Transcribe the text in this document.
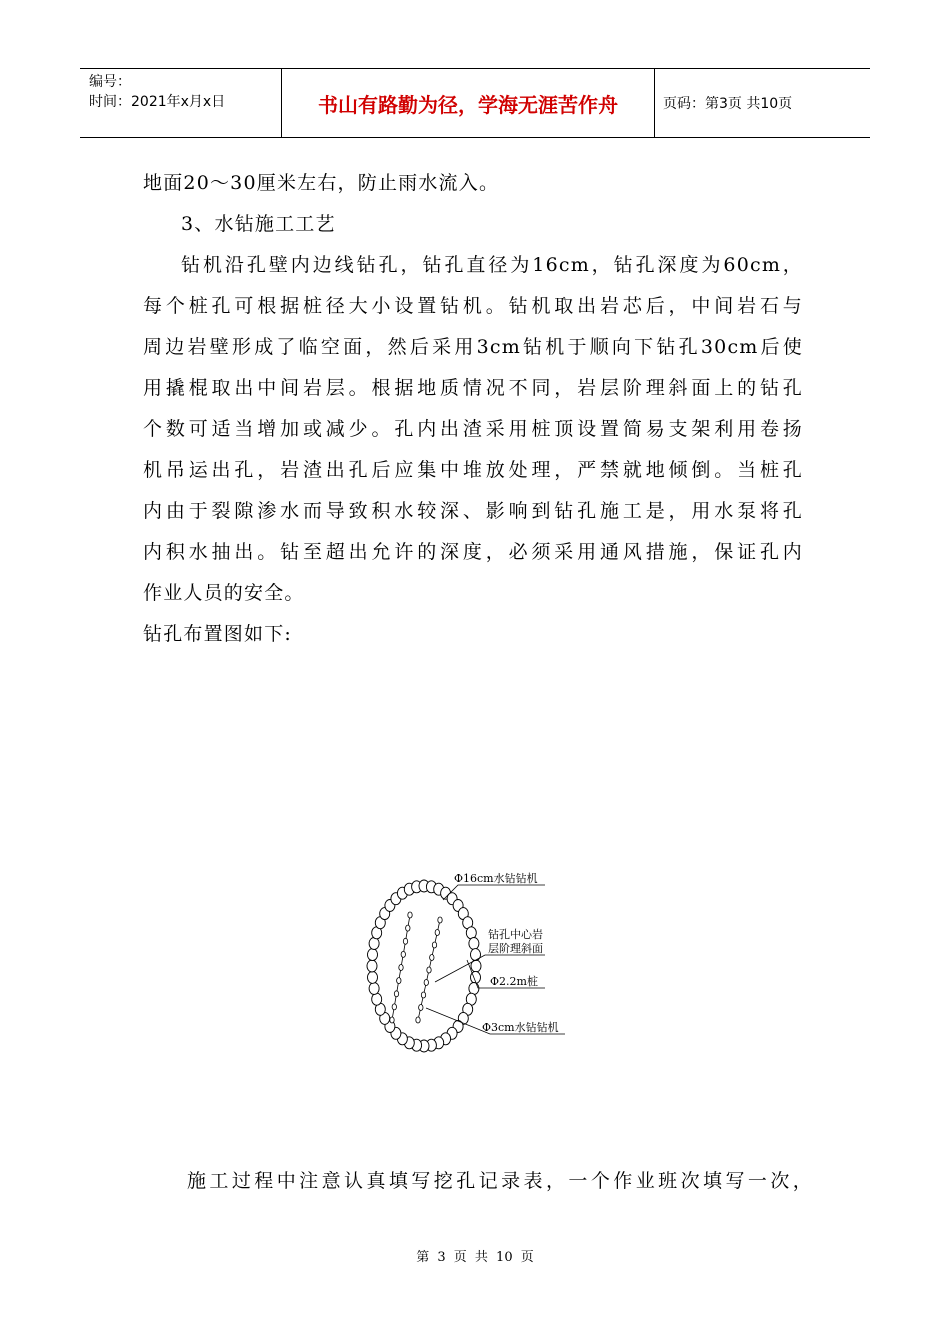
编号：
时间：2021年x月x日	书山有路勤为径，学海无涯苦作舟	页码：第3页 共10页
地面20～30厘米左右，防止雨水流入。
3、水钻施工工艺
钻机沿孔壁内边线钻孔，钻孔直径为16cm，钻孔深度为60cm，
每个桩孔可根据桩径大小设置钻机。钻机取出岩芯后，中间岩石与
周边岩壁形成了临空面，然后采用3cm钻机于顺向下钻孔30cm后使
用撬棍取出中间岩层。根据地质情况不同，岩层阶理斜面上的钻孔
个数可适当增加或减少。孔内出渣采用桩顶设置简易支架利用卷扬
机吊运出孔，岩渣出孔后应集中堆放处理，严禁就地倾倒。当桩孔
内由于裂隙渗水而导致积水较深、影响到钻孔施工是，用水泵将孔
内积水抽出。钻至超出允许的深度，必须采用通风措施，保证孔内
作业人员的安全。
钻孔布置图如下:
Φ16cm水钻钻机
钻孔中心岩
层阶理斜面
Φ2.2m桩
Φ3cm水钻钻机
施工过程中注意认真填写挖孔记录表，一个作业班次填写一次，
第 3 页 共 10 页
